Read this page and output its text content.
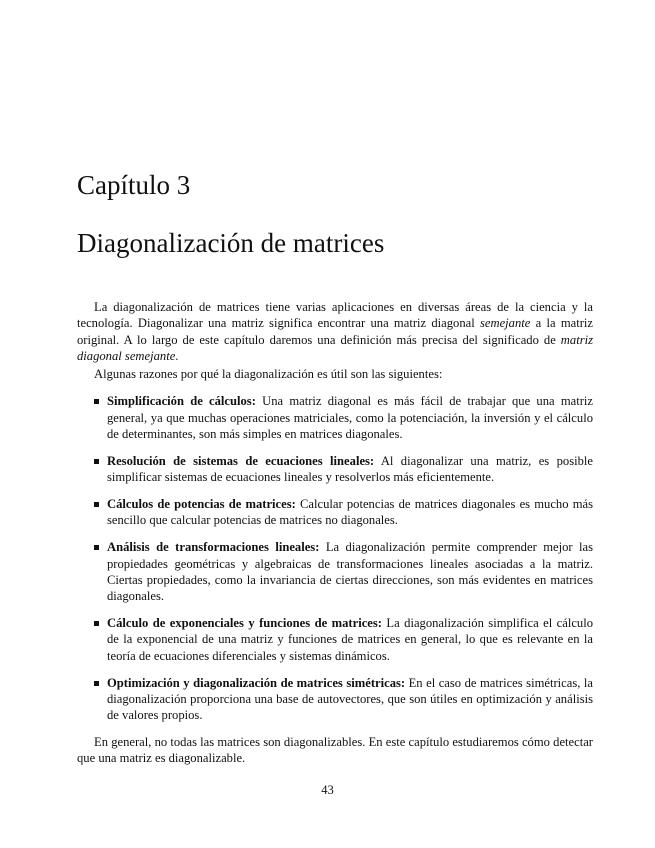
Capítulo 3
Diagonalización de matrices

La diagonalización de matrices tiene varias aplicaciones en diversas áreas de la ciencia y la tecnología. Diagonalizar una matriz significa encontrar una matriz diagonal semejante a la matriz original. A lo largo de este capítulo daremos una definición más precisa del significado de matriz diagonal semejante.

Algunas razones por qué la diagonalización es útil son las siguientes:

Simplificación de cálculos: Una matriz diagonal es más fácil de trabajar que una matriz general, ya que muchas operaciones matriciales, como la potenciación, la inversión y el cálculo de determinantes, son más simples en matrices diagonales.
Resolución de sistemas de ecuaciones lineales: Al diagonalizar una matriz, es posible simplificar sistemas de ecuaciones lineales y resolverlos más eficientemente.
Cálculos de potencias de matrices: Calcular potencias de matrices diagonales es mucho más sencillo que calcular potencias de matrices no diagonales.
Análisis de transformaciones lineales: La diagonalización permite comprender mejor las propiedades geométricas y algebraicas de transformaciones lineales asociadas a la matriz. Ciertas propiedades, como la invariancia de ciertas direcciones, son más evidentes en matrices diagonales.
Cálculo de exponenciales y funciones de matrices: La diagonalización simplifica el cálculo de la exponencial de una matriz y funciones de matrices en general, lo que es relevante en la teoría de ecuaciones diferenciales y sistemas dinámicos.
Optimización y diagonalización de matrices simétricas: En el caso de matrices simétricas, la diagonalización proporciona una base de autovectores, que son útiles en optimización y análisis de valores propios.

En general, no todas las matrices son diagonalizables. En este capítulo estudiaremos cómo detectar que una matriz es diagonalizable.

43
